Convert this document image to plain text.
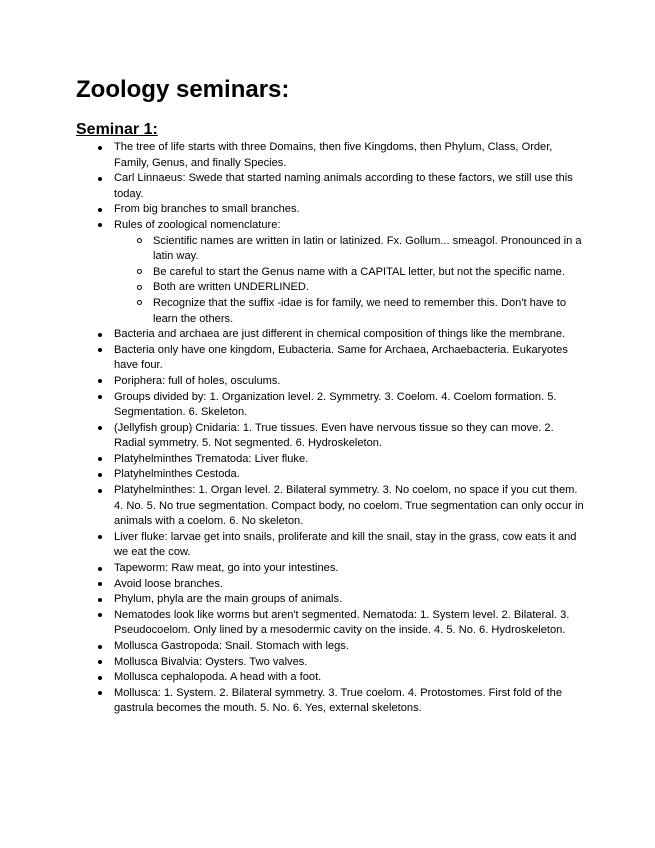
Zoology seminars:
Seminar 1:
The tree of life starts with three Domains, then five Kingdoms, then Phylum, Class, Order, Family, Genus, and finally Species.
Carl Linnaeus: Swede that started naming animals according to these factors, we still use this today.
From big branches to small branches.
Rules of zoological nomenclature:
Scientific names are written in latin or latinized. Fx. Gollum... smeagol. Pronounced in a latin way.
Be careful to start the Genus name with a CAPITAL letter, but not the specific name.
Both are written UNDERLINED.
Recognize that the suffix -idae is for family, we need to remember this. Don't have to learn the others.
Bacteria and archaea are just different in chemical composition of things like the membrane.
Bacteria only have one kingdom, Eubacteria. Same for Archaea, Archaebacteria. Eukaryotes have four.
Poriphera: full of holes, osculums.
Groups divided by: 1. Organization level. 2. Symmetry. 3. Coelom. 4. Coelom formation. 5. Segmentation. 6. Skeleton.
(Jellyfish group) Cnidaria: 1. True tissues. Even have nervous tissue so they can move. 2. Radial symmetry. 5. Not segmented. 6. Hydroskeleton.
Platyhelminthes Trematoda: Liver fluke.
Platyhelminthes Cestoda.
Platyhelminthes: 1. Organ level. 2. Bilateral symmetry. 3. No coelom, no space if you cut them. 4. No. 5. No true segmentation. Compact body, no coelom. True segmentation can only occur in animals with a coelom. 6. No skeleton.
Liver fluke: larvae get into snails, proliferate and kill the snail, stay in the grass, cow eats it and we eat the cow.
Tapeworm: Raw meat, go into your intestines.
Avoid loose branches.
Phylum, phyla are the main groups of animals.
Nematodes look like worms but aren't segmented. Nematoda: 1. System level. 2. Bilateral. 3. Pseudocoelom. Only lined by a mesodermic cavity on the inside. 4. 5. No. 6. Hydroskeleton.
Mollusca Gastropoda: Snail. Stomach with legs.
Mollusca Bivalvia: Oysters. Two valves.
Mollusca cephalopoda. A head with a foot.
Mollusca: 1. System. 2. Bilateral symmetry. 3. True coelom. 4. Protostomes. First fold of the gastrula becomes the mouth. 5. No. 6. Yes, external skeletons.
